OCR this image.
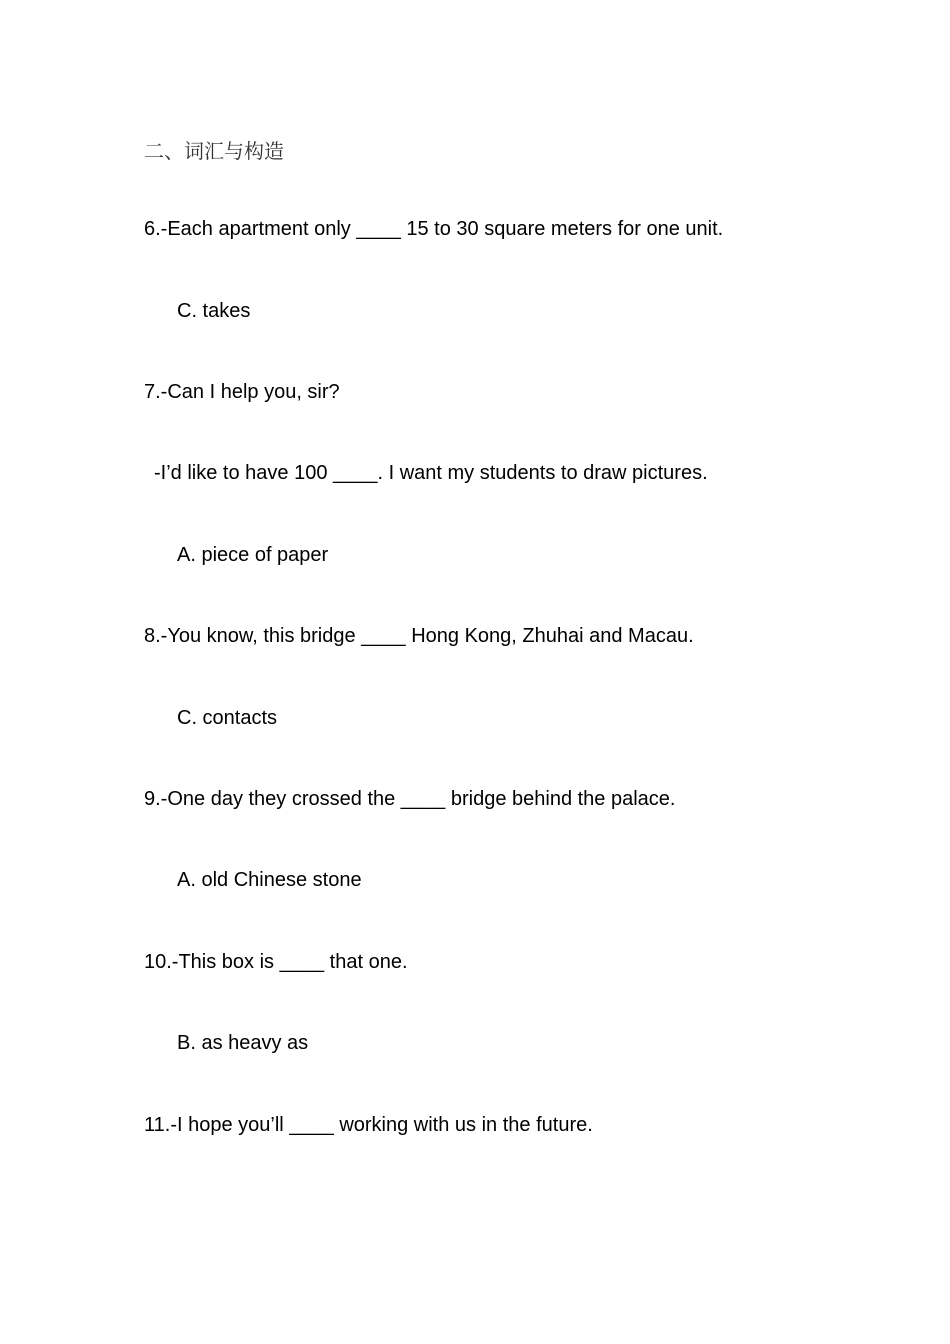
二、词汇与构造
6.-Each apartment only ____ 15 to 30 square meters for one unit.
C. takes
7.-Can I help you, sir?
-I’d like to have 100 ____. I want my students to draw pictures.
A. piece of paper
8.-You know, this bridge ____ Hong Kong, Zhuhai and Macau.
C. contacts
9.-One day they crossed the ____ bridge behind the palace.
A. old Chinese stone
10.-This box is ____ that one.
B. as heavy as
11.-I hope you’ll ____ working with us in the future.
